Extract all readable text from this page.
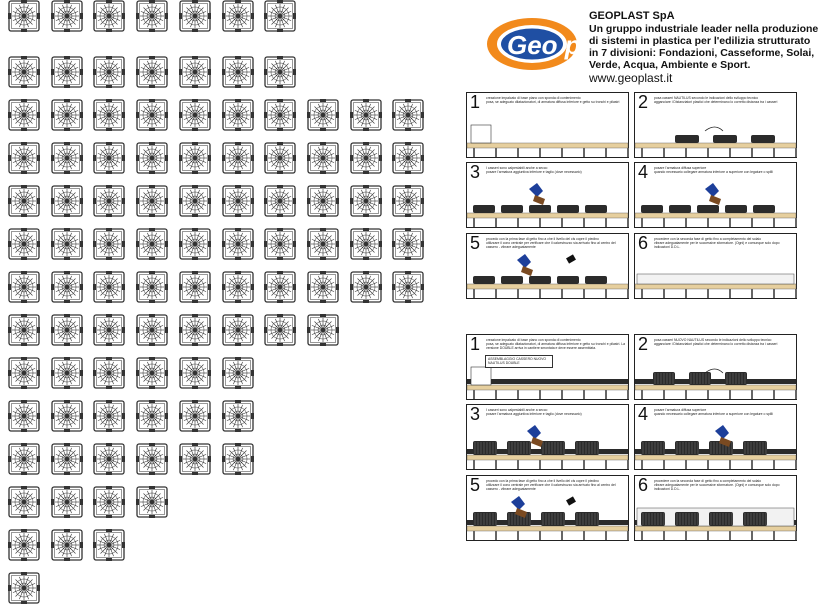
Geo plast
GEOPLAST SpA
Un gruppo industriale leader nella produzione
di sistemi in plastica per l'edilizia strutturato
in 7 divisioni: Fondazioni, Casseforme, Solai,
Verde, Acqua, Ambiente e Sport.
www.geoplast.it
1 creazione impalcato di base piano con sponda di contenimento
posa, se adeguato dilatazionatori, di armatura diffusa inferiore e getto su tronchi e pilastri	2 posa casseri NAUTILUS secondo le indicazioni dello sviluppo tecnico
agganciare i Distanziatori plastici che determinano lo corretto distanza tra i casseri
3 I casseri sono calpestabili anche a secco
posare l'armatura aggiuntiva inferiore e taglio (dove necessario)	4 posare l'armatura diffusa superiore
quando necessario collegare armatura inferiore a superiore con legature o spilli
5 procedo con la prima fase di getto fino a che il livello del cls copre il piedino
utilizzare il cono centrale per verificare che il calcestruzzo sia arrivato fino al centro del cassero - vibrare adeguatamente	6 procedere con la seconda fase di getto fino a completamento del solaio
vibrare adeguatamente per le successive sformature. (Ogni) e comunque solo dopo indicazioni D.D.L.
1 creazione impalcato di base piano con sponda di contenimento
posa, se adeguato dilatazionatori, di armatura diffusa inferiore e getto su tronchi e pilastri. La versione DOUBLE arriva in cantiere smontata e deve essere assemblata.
ASSEMBLAGGIO CASSERO NUOVO NAUTILUS DOUBLE
2 posa casseri NUOVO NAUTILUS secondo le indicazioni dello sviluppo tecnico
agganciare i Distanziatori plastici che determinano lo corretto distanza tra i casseri
3 I casseri sono calpestabili anche a secco
posare l'armatura aggiuntiva inferiore e taglio (dove necessario)	4 posare l'armatura diffusa superiore
quando necessario collegare armatura inferiore a superiore con legature o spilli
5 procedo con la prima fase di getto fino a che il livello del cls copre il piedino
utilizzare il cono centrale per verificare che il calcestruzzo sia arrivato fino al centro del cassero - vibrare adeguatamente	6 procedere con la seconda fase di getto fino a completamento del solaio
vibrare adeguatamente per le successive sformature. (Ogni) e comunque solo dopo indicazioni D.D.L.
